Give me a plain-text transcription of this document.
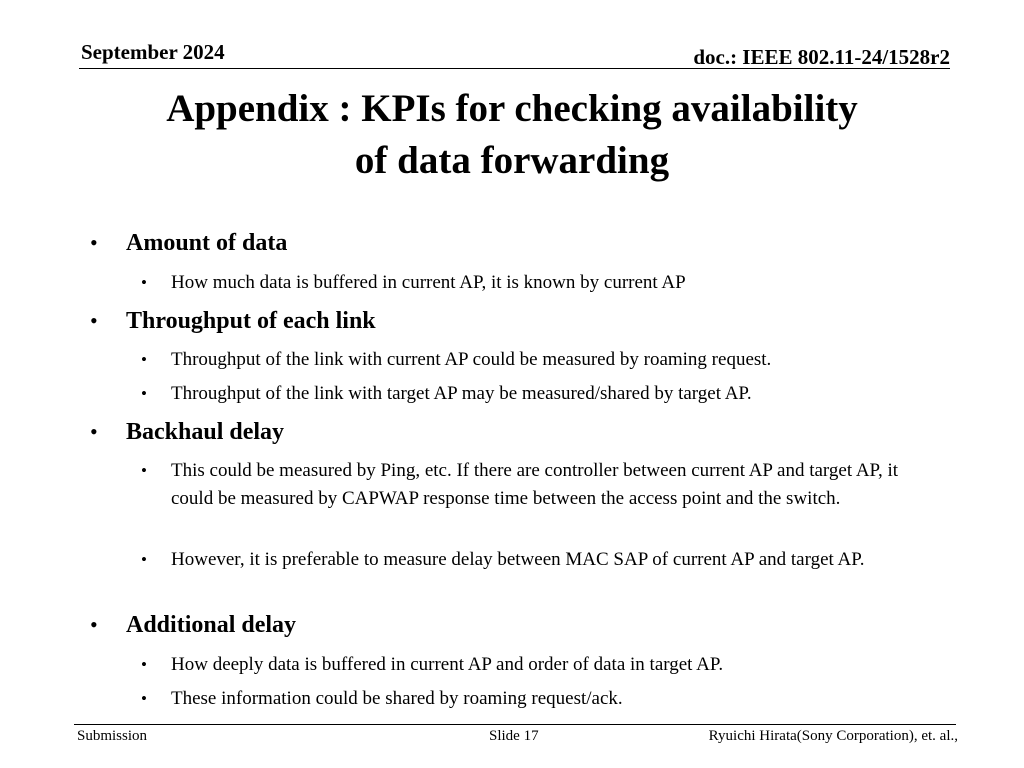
September 2024	doc.: IEEE 802.11-24/1528r2
Appendix : KPIs for checking availability
of data forwarding
•	Amount of data
•	How much data is buffered in current AP, it is known by current AP
•	Throughput of each link
•	Throughput of the link with current AP could be measured by roaming request.
•	Throughput of the link with target AP may be measured/shared by target AP.
•	Backhaul delay
•	This could be measured by Ping, etc. If there are controller between current AP and target AP, it could be measured by CAPWAP response time between the access point and the switch.
•	However, it is preferable to measure delay between MAC SAP of current AP and target AP.
•	Additional delay
•	How deeply data is buffered in current AP and order of data in target AP.
•	These information could be shared by roaming request/ack.
Submission	Slide 17	Ryuichi Hirata(Sony Corporation), et. al.,
